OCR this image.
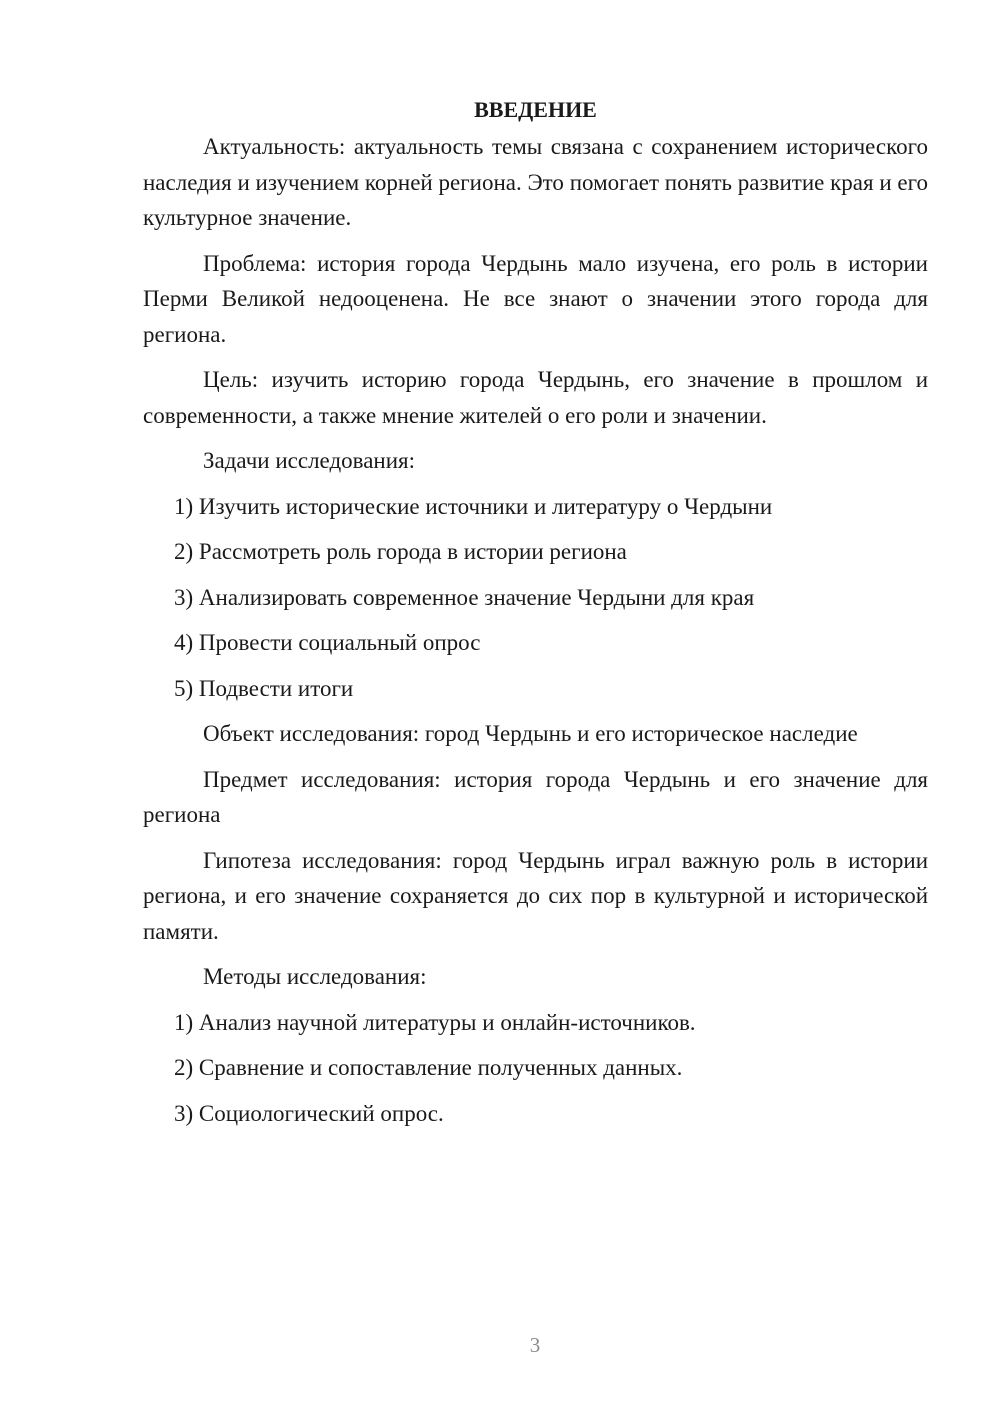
ВВЕДЕНИЕ
Актуальность: актуальность темы связана с сохранением исторического наследия и изучением корней региона. Это помогает понять развитие края и его культурное значение.
Проблема: история города Чердынь мало изучена, его роль в истории Перми Великой недооценена. Не все знают о значении этого города для региона.
Цель: изучить историю города Чердынь, его значение в прошлом и современности, а также мнение жителей о его роли и значении.
Задачи исследования:
1) Изучить исторические источники и литературу о Чердыни
2) Рассмотреть роль города в истории региона
3) Анализировать современное значение Чердыни для края
4) Провести социальный опрос
5) Подвести итоги
Объект исследования: город Чердынь и его историческое наследие
Предмет исследования: история города Чердынь и его значение для региона
Гипотеза исследования: город Чердынь играл важную роль в истории региона, и его значение сохраняется до сих пор в культурной и исторической памяти.
Методы исследования:
1) Анализ научной литературы и онлайн-источников.
2) Сравнение и сопоставление полученных данных.
3) Социологический опрос.
3
